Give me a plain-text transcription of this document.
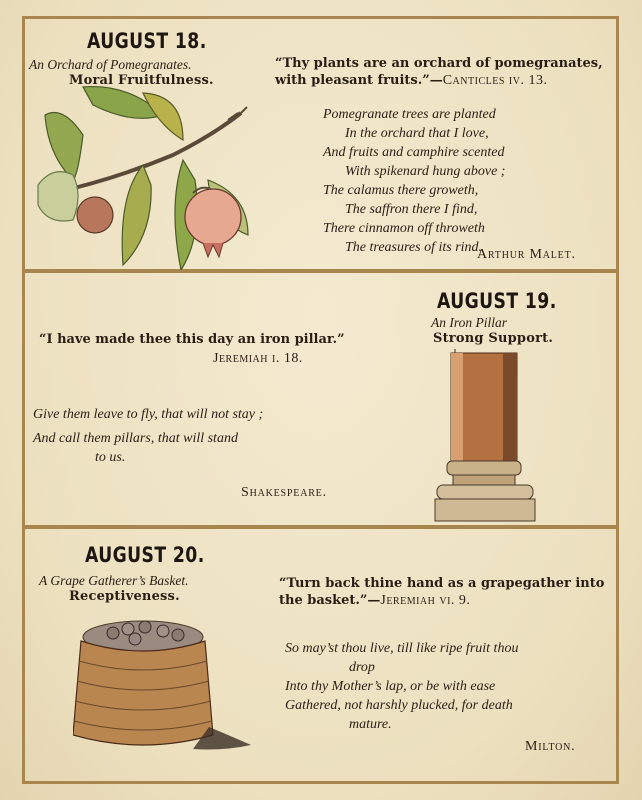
AUGUST 18.
An Orchard of Pomegranates.
Moral Fruitfulness.
“Thy plants are an orchard of pomegranates,
with pleasant fruits.”—Canticles iv. 13.
Pomegranate trees are planted
In the orchard that I love,
And fruits and camphire scented
With spikenard hung above ;
The calamus there groweth,
The saffron there I find,
There cinnamon off throweth
The treasures of its rind.
Arthur Malet.
“I have made thee this day an iron pillar.”
Jeremiah i. 18.
Give them leave to fly, that will not stay ;
And call them pillars, that will stand
to us.
Shakespeare.
AUGUST 19.
An Iron Pillar
Strong Support.
AUGUST 20.
A Grape Gatherer’s Basket.
Receptiveness.
“Turn back thine hand as a grapegather into
the basket.”—Jeremiah vi. 9.
So may’st thou live, till like ripe fruit thou
drop
Into thy Mother’s lap, or be with ease
Gathered, not harshly plucked, for death
mature.
Milton.
